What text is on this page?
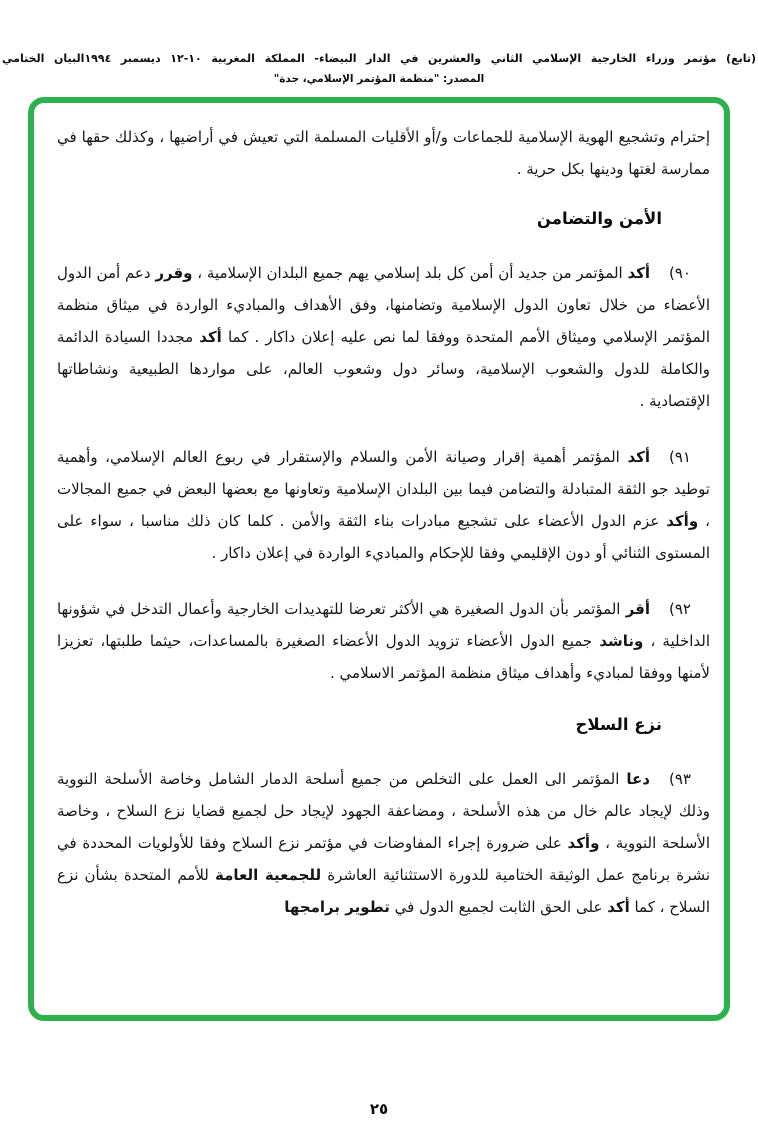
(تابع) مؤتمر وزراء الخارجية الإسلامي الثاني والعشرين في الدار البيضاء- المملكة المغربية ١٠-١٢ ديسمبر ١٩٩٤البيان الختامي
المصدر: "منظمة المؤتمر الإسلامي، جدة"

إحترام وتشجيع الهوية الإسلامية للجماعات و/أو الأقليات المسلمة التي تعيش في أراضيها ، وكذلك حقها في ممارسة لغتها ودينها بكل حرية .

الأمن والتضامن
(٩٠

أكد المؤتمر من جديد أن أمن كل بلد إسلامي يهم جميع البلدان الإسلامية ، وقرر دعم أمن الدول الأعضاء من خلال تعاون الدول الإسلامية وتضامنها، وفق الأهداف والمباديء الواردة في ميثاق منظمة المؤتمر الإسلامي وميثاق الأمم المتحدة ووفقا لما نص عليه إعلان داكار . كما أكد مجددا السيادة الدائمة والكاملة للدول والشعوب الإسلامية، وسائر دول وشعوب العالم، على مواردها الطبيعية ونشاطاتها الإقتصادية .

(٩١

أكد المؤتمر أهمية إقرار وصيانة الأمن والسلام والإستقرار في ربوع العالم الإسلامي، وأهمية توطيد جو الثقة المتبادلة والتضامن فيما بين البلدان الإسلامية وتعاونها مع بعضها البعض في جميع المجالات ، وأكد عزم الدول الأعضاء على تشجيع مبادرات بناء الثقة والأمن . كلما كان ذلك مناسبا ، سواء على المستوى الثنائي أو دون الإقليمي وفقا للإحكام والمباديء الواردة في إعلان داكار .

(٩٢

أقر المؤتمر بأن الدول الصغيرة هي الأكثر تعرضا للتهديدات الخارجية وأعمال التدخل في شؤونها الداخلية ، وناشد جميع الدول الأعضاء تزويد الدول الأعضاء الصغيرة بالمساعدات، حيثما طلبتها، تعزيزا لأمنها ووفقا لمباديء وأهداف ميثاق منظمة المؤتمر الاسلامي .

نزع السلاح
(٩٣

دعا المؤتمر الى العمل على التخلص من جميع أسلحة الدمار الشامل وخاصة الأسلحة النووية وذلك لإيجاد عالم خال من هذه الأسلحة ، ومضاعفة الجهود لإيجاد حل لجميع قضايا نزع السلاح ، وخاصة الأسلحة النووية ، وأكد على ضرورة إجراء المفاوضات في مؤتمر نزع السلاح وفقا للأولويات المحددة في نشرة برنامج عمل الوثيقة الختامية للدورة الاستثنائية العاشرة للجمعية العامة للأمم المتحدة بشأن نزع السلاح ، كما أكد على الحق الثابت لجميع الدول في تطوير برامجها

٢٥
